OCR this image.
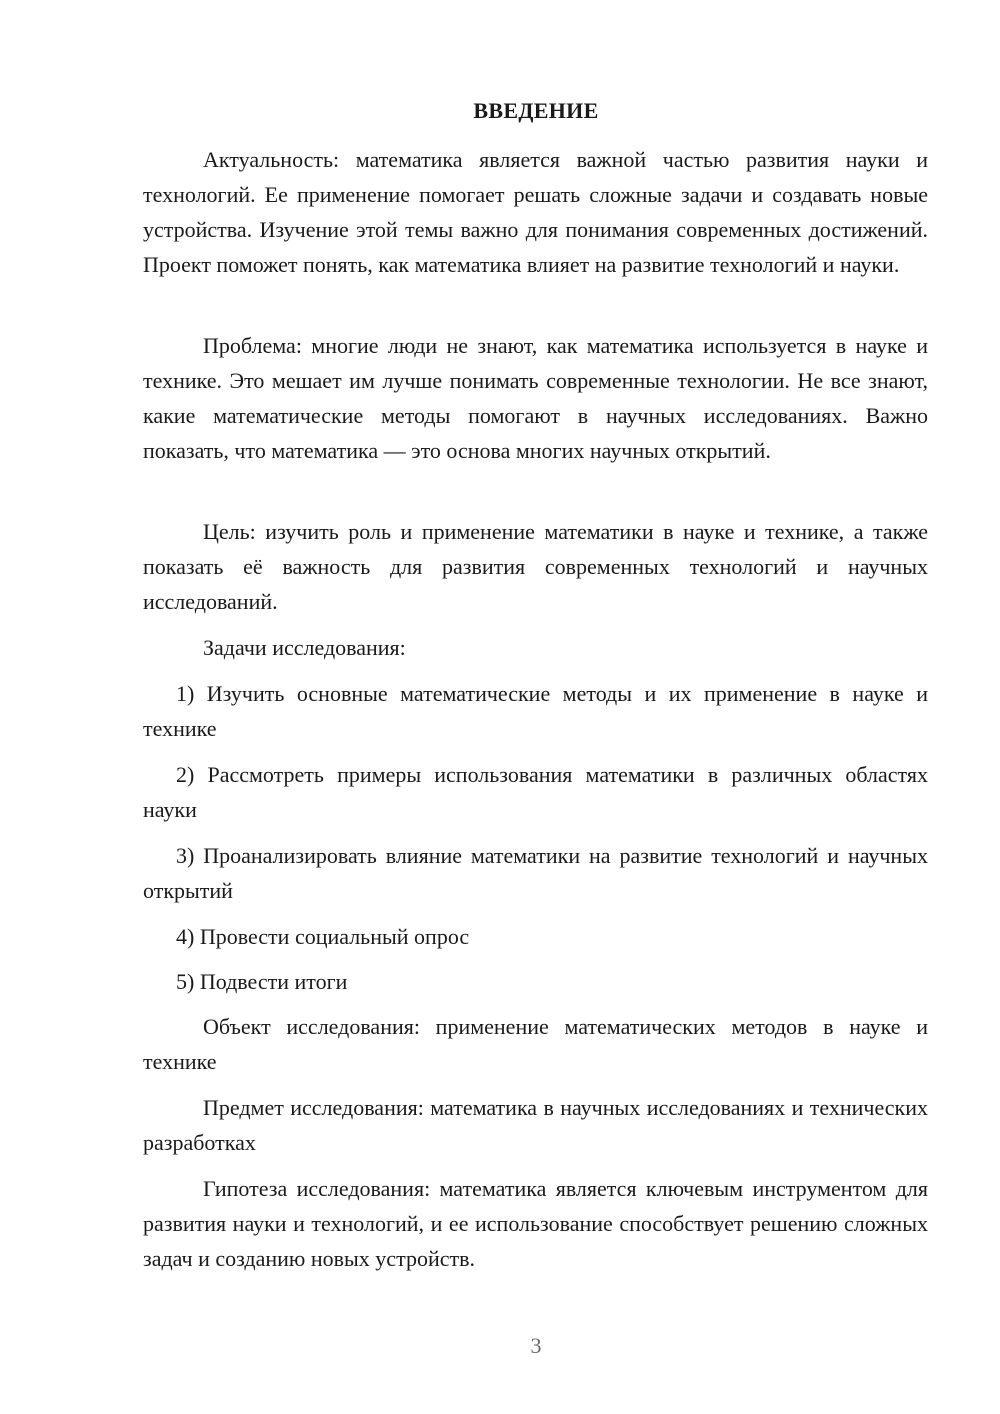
ВВЕДЕНИЕ

Актуальность: математика является важной частью развития науки и технологий. Ее применение помогает решать сложные задачи и создавать новые устройства. Изучение этой темы важно для понимания современных достижений. Проект поможет понять, как математика влияет на развитие технологий и науки.

Проблема: многие люди не знают, как математика используется в науке и технике. Это мешает им лучше понимать современные технологии. Не все знают, какие математические методы помогают в научных исследованиях. Важно показать, что математика — это основа многих научных открытий.

Цель: изучить роль и применение математики в науке и технике, а также показать её важность для развития современных технологий и научных исследований.

Задачи исследования:

1) Изучить основные математические методы и их применение в науке и технике

2) Рассмотреть примеры использования математики в различных областях науки

3) Проанализировать влияние математики на развитие технологий и научных открытий

4) Провести социальный опрос

5) Подвести итоги

Объект исследования: применение математических методов в науке и технике

Предмет исследования: математика в научных исследованиях и технических разработках

Гипотеза исследования: математика является ключевым инструментом для развития науки и технологий, и ее использование способствует решению сложных задач и созданию новых устройств.

3
